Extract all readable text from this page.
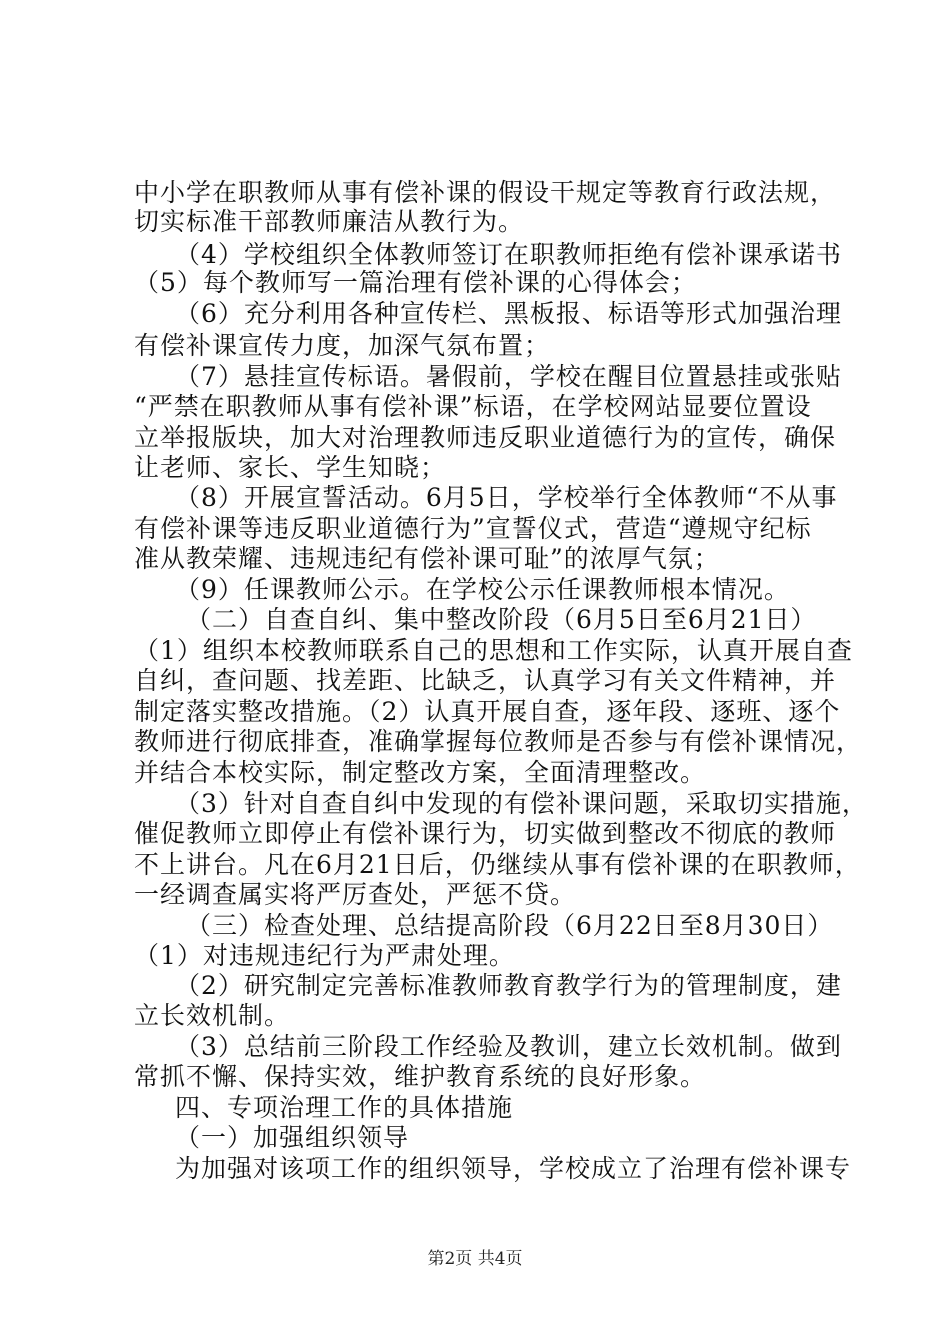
中小学在职教师从事有偿补课的假设干规定等教育行政法规，
切实标准干部教师廉洁从教行为。
（4）学校组织全体教师签订在职教师拒绝有偿补课承诺书
（5）每个教师写一篇治理有偿补课的心得体会；
（6）充分利用各种宣传栏、黑板报、标语等形式加强治理
有偿补课宣传力度，加深气氛布置；
（7）悬挂宣传标语。暑假前，学校在醒目位置悬挂或张贴
“严禁在职教师从事有偿补课”标语，在学校网站显要位置设
立举报版块，加大对治理教师违反职业道德行为的宣传，确保
让老师、家长、学生知晓；
（8）开展宣誓活动。6月5日，学校举行全体教师“不从事
有偿补课等违反职业道德行为”宣誓仪式，营造“遵规守纪标
准从教荣耀、违规违纪有偿补课可耻”的浓厚气氛；
（9）任课教师公示。在学校公示任课教师根本情况。
（二）自查自纠、集中整改阶段（6月5日至6月21日）
（1）组织本校教师联系自己的思想和工作实际，认真开展自查
自纠，查问题、找差距、比缺乏，认真学习有关文件精神，并
制定落实整改措施。（2）认真开展自查，逐年段、逐班、逐个
教师进行彻底排查，准确掌握每位教师是否参与有偿补课情况，
并结合本校实际，制定整改方案，全面清理整改。
（3）针对自查自纠中发现的有偿补课问题，采取切实措施，
催促教师立即停止有偿补课行为，切实做到整改不彻底的教师
不上讲台。凡在6月21日后，仍继续从事有偿补课的在职教师，
一经调查属实将严厉查处，严惩不贷。
（三）检查处理、总结提高阶段（6月22日至8月30日）
（1）对违规违纪行为严肃处理。
（2）研究制定完善标准教师教育教学行为的管理制度，建
立长效机制。
（3）总结前三阶段工作经验及教训，建立长效机制。做到
常抓不懈、保持实效，维护教育系统的良好形象。
四、专项治理工作的具体措施
（一）加强组织领导
为加强对该项工作的组织领导，学校成立了治理有偿补课专
第2页 共4页
